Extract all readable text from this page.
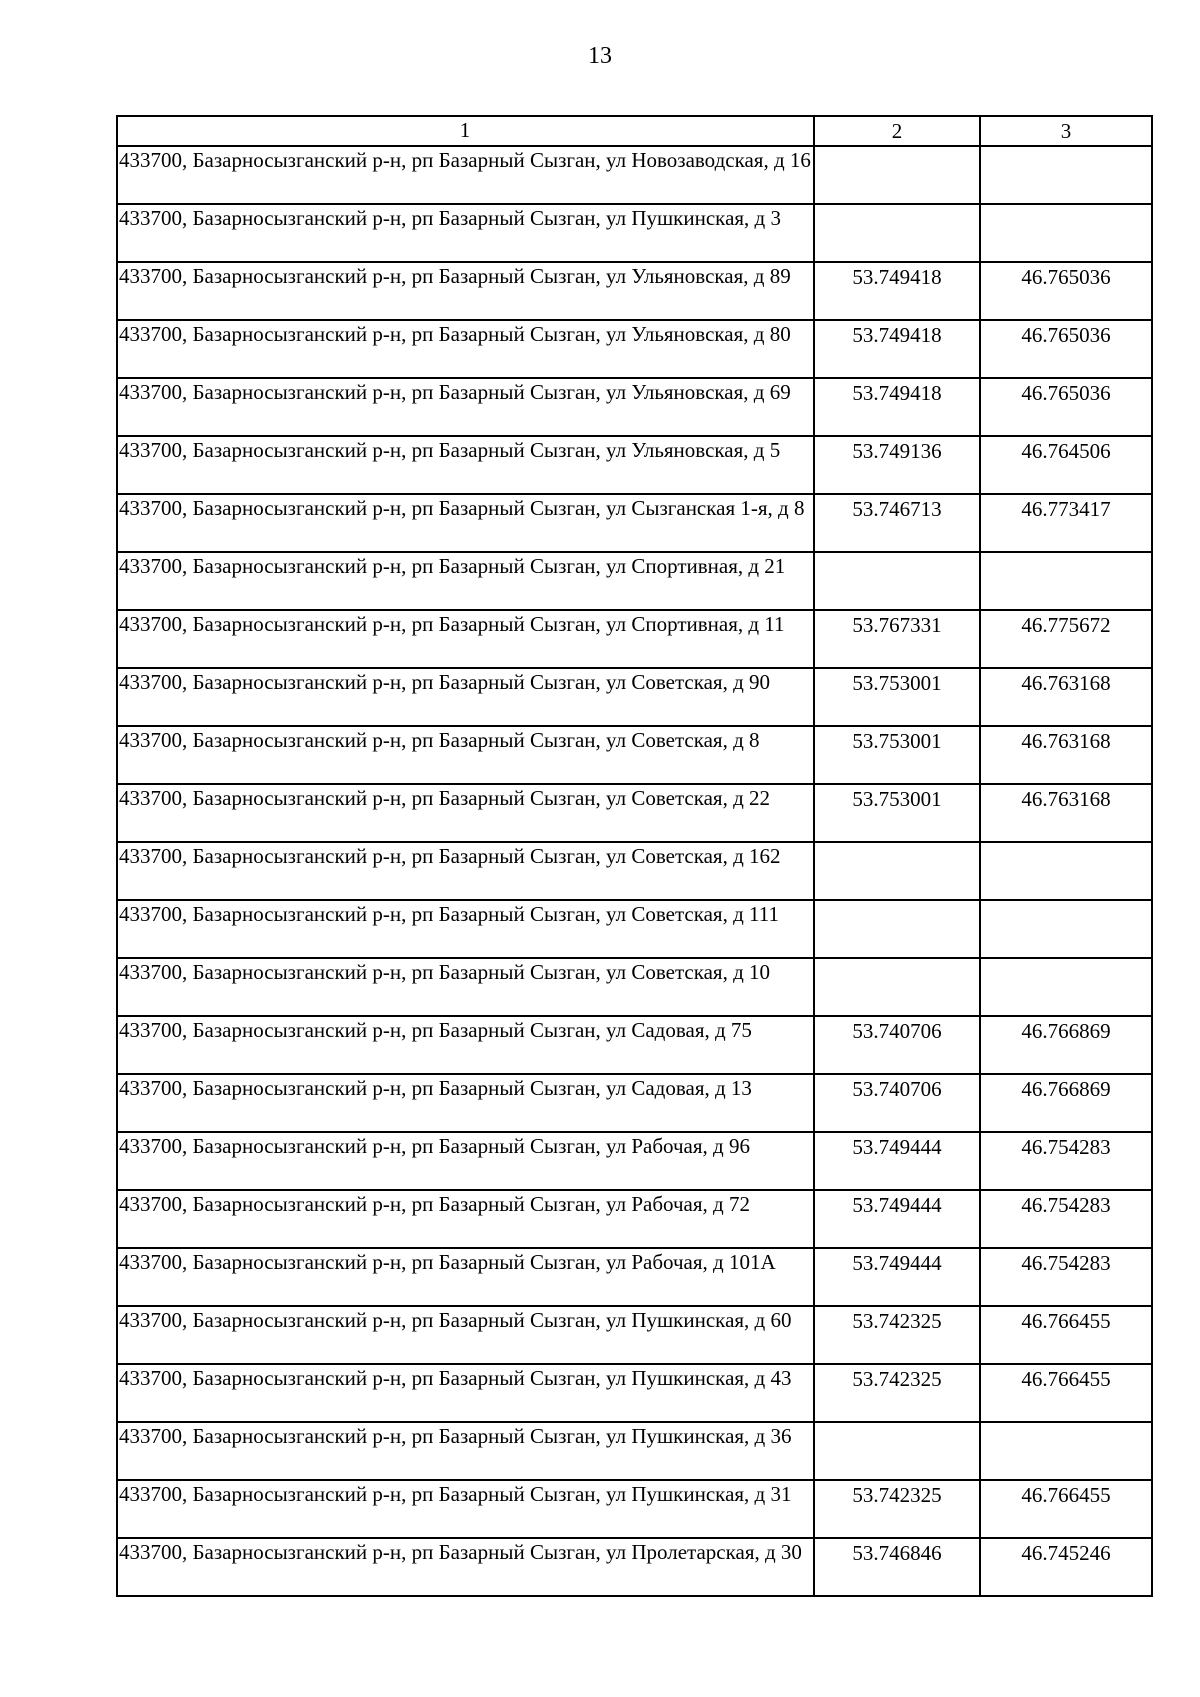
13
1	2	3
433700, Базарносызганский р-н, рп Базарный Сызган, ул Новозаводская, д 16		
433700, Базарносызганский р-н, рп Базарный Сызган, ул Пушкинская, д 3		
433700, Базарносызганский р-н, рп Базарный Сызган, ул Ульяновская, д 89	53.749418	46.765036
433700, Базарносызганский р-н, рп Базарный Сызган, ул Ульяновская, д 80	53.749418	46.765036
433700, Базарносызганский р-н, рп Базарный Сызган, ул Ульяновская, д 69	53.749418	46.765036
433700, Базарносызганский р-н, рп Базарный Сызган, ул Ульяновская, д 5	53.749136	46.764506
433700, Базарносызганский р-н, рп Базарный Сызган, ул Сызганская 1-я, д 8	53.746713	46.773417
433700, Базарносызганский р-н, рп Базарный Сызган, ул Спортивная, д 21		
433700, Базарносызганский р-н, рп Базарный Сызган, ул Спортивная, д 11	53.767331	46.775672
433700, Базарносызганский р-н, рп Базарный Сызган, ул Советская, д 90	53.753001	46.763168
433700, Базарносызганский р-н, рп Базарный Сызган, ул Советская, д 8	53.753001	46.763168
433700, Базарносызганский р-н, рп Базарный Сызган, ул Советская, д 22	53.753001	46.763168
433700, Базарносызганский р-н, рп Базарный Сызган, ул Советская, д 162		
433700, Базарносызганский р-н, рп Базарный Сызган, ул Советская, д 111		
433700, Базарносызганский р-н, рп Базарный Сызган, ул Советская, д 10		
433700, Базарносызганский р-н, рп Базарный Сызган, ул Садовая, д 75	53.740706	46.766869
433700, Базарносызганский р-н, рп Базарный Сызган, ул Садовая, д 13	53.740706	46.766869
433700, Базарносызганский р-н, рп Базарный Сызган, ул Рабочая, д 96	53.749444	46.754283
433700, Базарносызганский р-н, рп Базарный Сызган, ул Рабочая, д 72	53.749444	46.754283
433700, Базарносызганский р-н, рп Базарный Сызган, ул Рабочая, д 101А	53.749444	46.754283
433700, Базарносызганский р-н, рп Базарный Сызган, ул Пушкинская, д 60	53.742325	46.766455
433700, Базарносызганский р-н, рп Базарный Сызган, ул Пушкинская, д 43	53.742325	46.766455
433700, Базарносызганский р-н, рп Базарный Сызган, ул Пушкинская, д 36		
433700, Базарносызганский р-н, рп Базарный Сызган, ул Пушкинская, д 31	53.742325	46.766455
433700, Базарносызганский р-н, рп Базарный Сызган, ул Пролетарская, д 30	53.746846	46.745246
